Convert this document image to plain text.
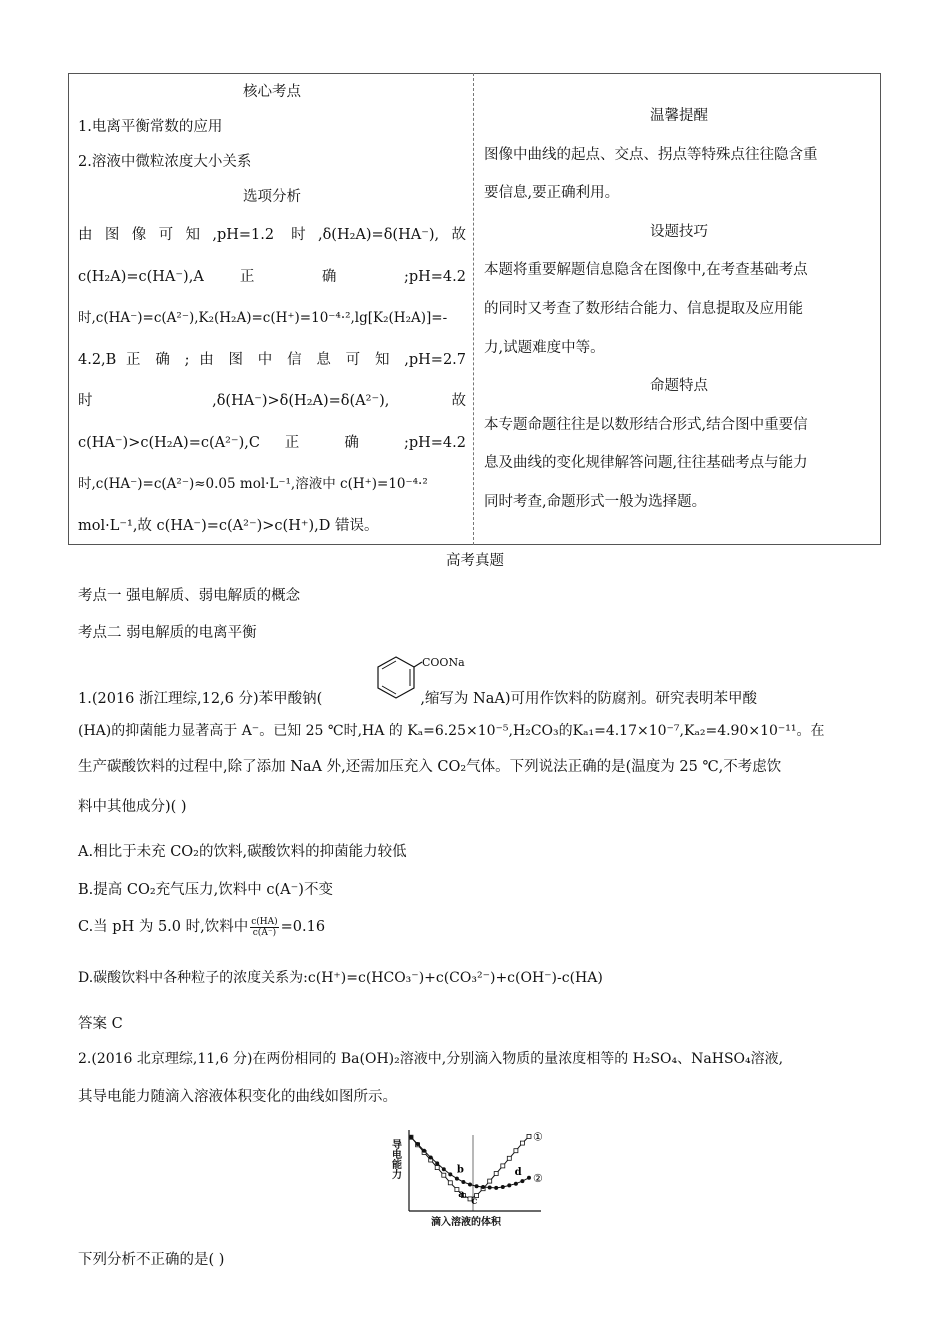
核心考点
1.电离平衡常数的应用
2.溶液中微粒浓度大小关系
选项分析
由图像可知,pH=1.2 时,δ(H₂A)=δ(HA⁻),故
c(H₂A)=c(HA⁻),A 正 确 ;pH=4.2
时,c(HA⁻)=c(A²⁻),K₂(H₂A)=c(H⁺)=10⁻⁴·²,lg[K₂(H₂A)]=-
4.2,B 正 确 ; 由 图 中 信 息 可 知 ,pH=2.7
时 ,δ(HA⁻)>δ(H₂A)=δ(A²⁻), 故
c(HA⁻)>c(H₂A)=c(A²⁻),C 正 确 ;pH=4.2
时,c(HA⁻)=c(A²⁻)≈0.05 mol·L⁻¹,溶液中 c(H⁺)=10⁻⁴·²
mol·L⁻¹,故 c(HA⁻)=c(A²⁻)>c(H⁺),D 错误。
温馨提醒
图像中曲线的起点、交点、拐点等特殊点往往隐含重
要信息,要正确利用。
设题技巧
本题将重要解题信息隐含在图像中,在考查基础考点
的同时又考查了数形结合能力、信息提取及应用能
力,试题难度中等。
命题特点
本专题命题往往是以数形结合形式,结合图中重要信
息及曲线的变化规律解答问题,往往基础考点与能力
同时考查,命题形式一般为选择题。
高考真题
考点一 强电解质、弱电解质的概念
考点二 弱电解质的电离平衡
1.(2016 浙江理综,12,6 分)苯甲酸钠(	,缩写为 NaA)可用作饮料的防腐剂。研究表明苯甲酸
COONa
(HA)的抑菌能力显著高于 A⁻。已知 25 ℃时,HA 的 Kₐ=6.25×10⁻⁵,H₂CO₃的Kₐ₁=4.17×10⁻⁷,Kₐ₂=4.90×10⁻¹¹。在
生产碳酸饮料的过程中,除了添加 NaA 外,还需加压充入 CO₂气体。下列说法正确的是(温度为 25 ℃,不考虑饮
料中其他成分)( )
A.相比于未充 CO₂的饮料,碳酸饮料的抑菌能力较低
B.提高 CO₂充气压力,饮料中 c(A⁻)不变
C.当 pH 为 5.0 时,饮料中 $\frac{c(HA)}{c(A^-)} =0.16$
D.碳酸饮料中各种粒子的浓度关系为:c(H⁺)=c(HCO₃⁻)+c(CO₃²⁻)+c(OH⁻)-c(HA)
答案 C
2.(2016 北京理综,11,6 分)在两份相同的 Ba(OH)₂溶液中,分别滴入物质的量浓度相等的 H₂SO₄、NaHSO₄溶液,
其导电能力随滴入溶液体积变化的曲线如图所示。
导电能力
滴入溶液的体积
①
②
a
b
c
d
下列分析不正确的是( )
